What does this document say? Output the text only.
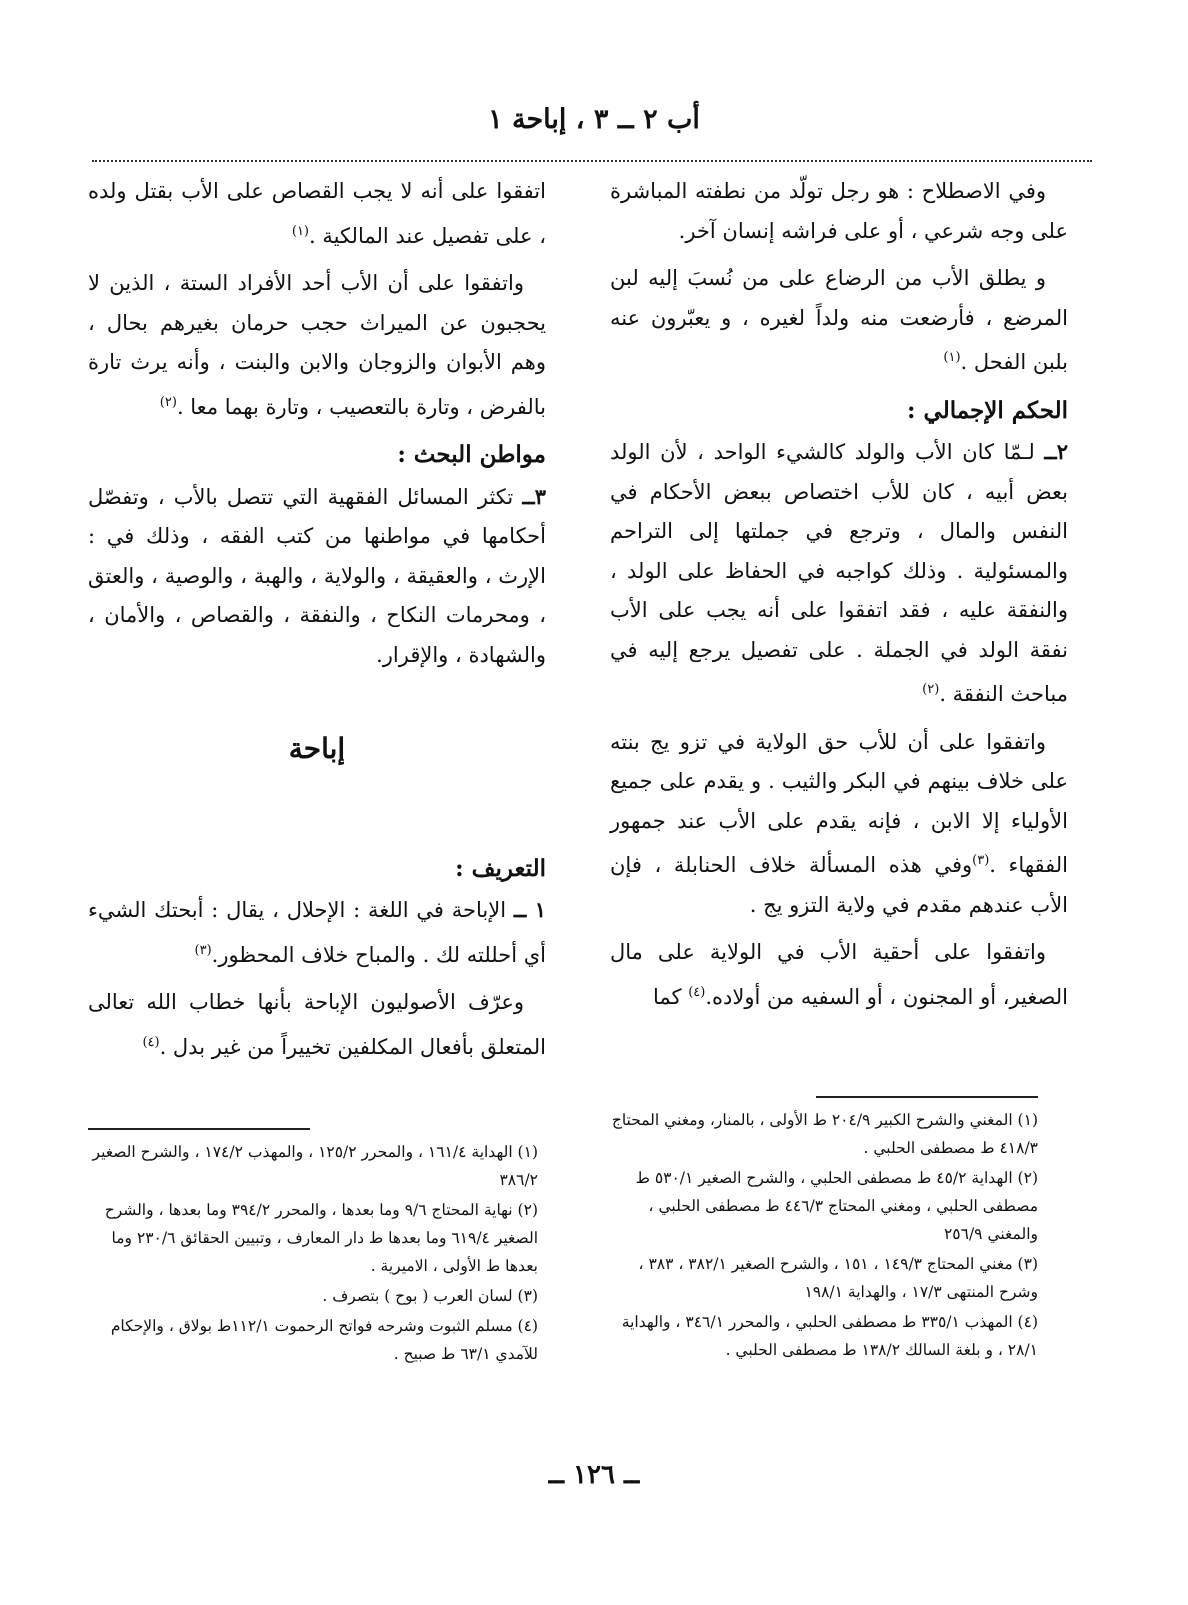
أب ٢ ــ ٣ ، إباحة ١

وفي الاصطلاح : هو رجل تولّد من نطفته المباشرة على وجه شرعي ، أو على فراشه إنسان آخر.

و يطلق الأب من الرضاع على من نُسبَ إليه لبن المرضع ، فأرضعت منه ولداً لغيره ، و يعبّرون عنه بلبن الفحل .$^{(١)}$

الحكم الإجمالي :

٢ــ لـمّا كان الأب والولد كالشيء الواحد ، لأن الولد بعض أبيه ، كان للأب اختصاص ببعض الأحكام في النفس والمال ، وترجع في جملتها إلى التراحم والمسئولية . وذلك كواجبه في الحفاظ على الولد ، والنفقة عليه ، فقد اتفقوا على أنه يجب على الأب نفقة الولد في الجملة . على تفصيل يرجع إليه في مباحث النفقة .$^{(٢)}$

واتفقوا على أن للأب حق الولاية في تزو يج بنته على خلاف بينهم في البكر والثيب . و يقدم على جميع الأولياء إلا الابن ، فإنه يقدم على الأب عند جمهور الفقهاء .$^{(٣)}$وفي هذه المسألة خلاف الحنابلة ، فإن الأب عندهم مقدم في ولاية التزو يج .

واتفقوا على أحقية الأب في الولاية على مال الصغير، أو المجنون ، أو السفيه من أولاده.$^{(٤)}$ كما

اتفقوا على أنه لا يجب القصاص على الأب بقتل ولده ، على تفصيل عند المالكية .$^{(١)}$

واتفقوا على أن الأب أحد الأفراد الستة ، الذين لا يحجبون عن الميراث حجب حرمان بغيرهم بحال ، وهم الأبوان والزوجان والابن والبنت ، وأنه يرث تارة بالفرض ، وتارة بالتعصيب ، وتارة بهما معا .$^{(٢)}$

مواطن البحث :

٣ــ تكثر المسائل الفقهية التي تتصل بالأب ، وتفصّل أحكامها في مواطنها من كتب الفقه ، وذلك في : الإرث ، والعقيقة ، والولاية ، والهبة ، والوصية ، والعتق ، ومحرمات النكاح ، والنفقة ، والقصاص ، والأمان ، والشهادة ، والإقرار.

إباحة
التعريف :

١ ــ الإباحة في اللغة : الإحلال ، يقال : أبحتك الشيء أي أحللته لك . والمباح خلاف المحظور.$^{(٣)}$

وعرّف الأصوليون الإباحة بأنها خطاب الله تعالى المتعلق بأفعال المكلفين تخييراً من غير بدل .$^{(٤)}$

(١) المغني والشرح الكبير ٢٠٤/٩ ط الأولى ، بالمنار، ومغني المحتاج ٤١٨/٣ ط مصطفى الحلبي .

(٢) الهداية ٤٥/٢ ط مصطفى الحلبي ، والشرح الصغير ٥٣٠/١ ط مصطفى الحلبي ، ومغني المحتاج ٤٤٦/٣ ط مصطفى الحلبي ، والمغني ٢٥٦/٩

(٣) مغني المحتاج ١٤٩/٣ ، ١٥١ ، والشرح الصغير ٣٨٢/١ ، ٣٨٣ ، وشرح المنتهى ١٧/٣ ، والهداية ١٩٨/١

(٤) المهذب ٣٣٥/١ ط مصطفى الحلبي ، والمحرر ٣٤٦/١ ، والهداية ٢٨/١ ، و بلغة السالك ١٣٨/٢ ط مصطفى الحلبي .

(١) الهداية ١٦١/٤ ، والمحرر ١٢٥/٢ ، والمهذب ١٧٤/٢ ، والشرح الصغير ٣٨٦/٢

(٢) نهاية المحتاج ٩/٦ وما بعدها ، والمحرر ٣٩٤/٢ وما بعدها ، والشرح الصغير ٦١٩/٤ وما بعدها ط دار المعارف ، وتبيين الحقائق ٢٣٠/٦ وما بعدها ط الأولى ، الاميرية .

(٣) لسان العرب ( بوح ) بتصرف .

(٤) مسلم الثبوت وشرحه فواتح الرحموت ١١٢/١ط بولاق ، والإحكام للآمدي ٦٣/١ ط صبيح .

ــ ١٢٦ ــ
